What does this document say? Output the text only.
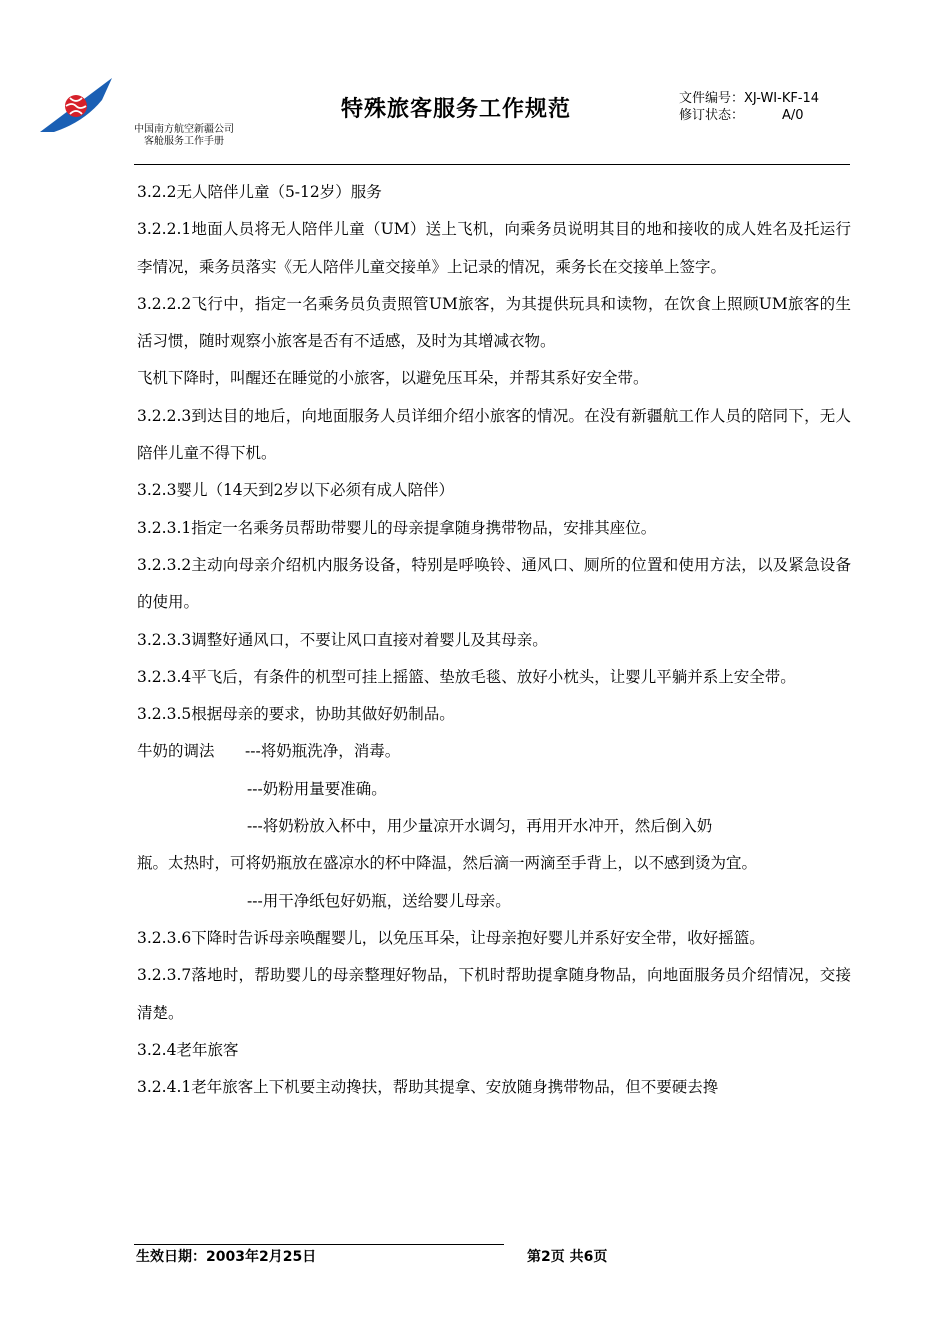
中国南方航空新疆公司
客舱服务工作手册
特殊旅客服务工作规范	文件编号：XJ-WI-KF-14
修订状态：	A/0

3.2.2无人陪伴儿童（5-12岁）服务

3.2.2.1地面人员将无人陪伴儿童（UM）送上飞机，向乘务员说明其目的地和接收的成人姓名及托运行李情况，乘务员落实《无人陪伴儿童交接单》上记录的情况，乘务长在交接单上签字。

3.2.2.2飞行中，指定一名乘务员负责照管UM旅客，为其提供玩具和读物，在饮食上照顾UM旅客的生活习惯，随时观察小旅客是否有不适感，及时为其增减衣物。

飞机下降时，叫醒还在睡觉的小旅客，以避免压耳朵，并帮其系好安全带。

3.2.2.3到达目的地后，向地面服务人员详细介绍小旅客的情况。在没有新疆航工作人员的陪同下，无人陪伴儿童不得下机。

3.2.3婴儿（14天到2岁以下必须有成人陪伴）

3.2.3.1指定一名乘务员帮助带婴儿的母亲提拿随身携带物品，安排其座位。

3.2.3.2主动向母亲介绍机内服务设备，特别是呼唤铃、通风口、厕所的位置和使用方法，以及紧急设备的使用。

3.2.3.3调整好通风口，不要让风口直接对着婴儿及其母亲。

3.2.3.4平飞后，有条件的机型可挂上摇篮、垫放毛毯、放好小枕头，让婴儿平躺并系上安全带。

3.2.3.5根据母亲的要求，协助其做好奶制品。

牛奶的调法 ---将奶瓶洗净，消毒。

---奶粉用量要准确。

---将奶粉放入杯中，用少量凉开水调匀，再用开水冲开，然后倒入奶

瓶。太热时，可将奶瓶放在盛凉水的杯中降温，然后滴一两滴至手背上，以不感到烫为宜。

---用干净纸包好奶瓶，送给婴儿母亲。

3.2.3.6下降时告诉母亲唤醒婴儿，以免压耳朵，让母亲抱好婴儿并系好安全带，收好摇篮。

3.2.3.7落地时，帮助婴儿的母亲整理好物品，下机时帮助提拿随身物品，向地面服务员介绍情况，交接清楚。

3.2.4老年旅客

3.2.4.1老年旅客上下机要主动搀扶，帮助其提拿、安放随身携带物品，但不要硬去搀

生效日期：2003年2月25日	第2页 共6页
